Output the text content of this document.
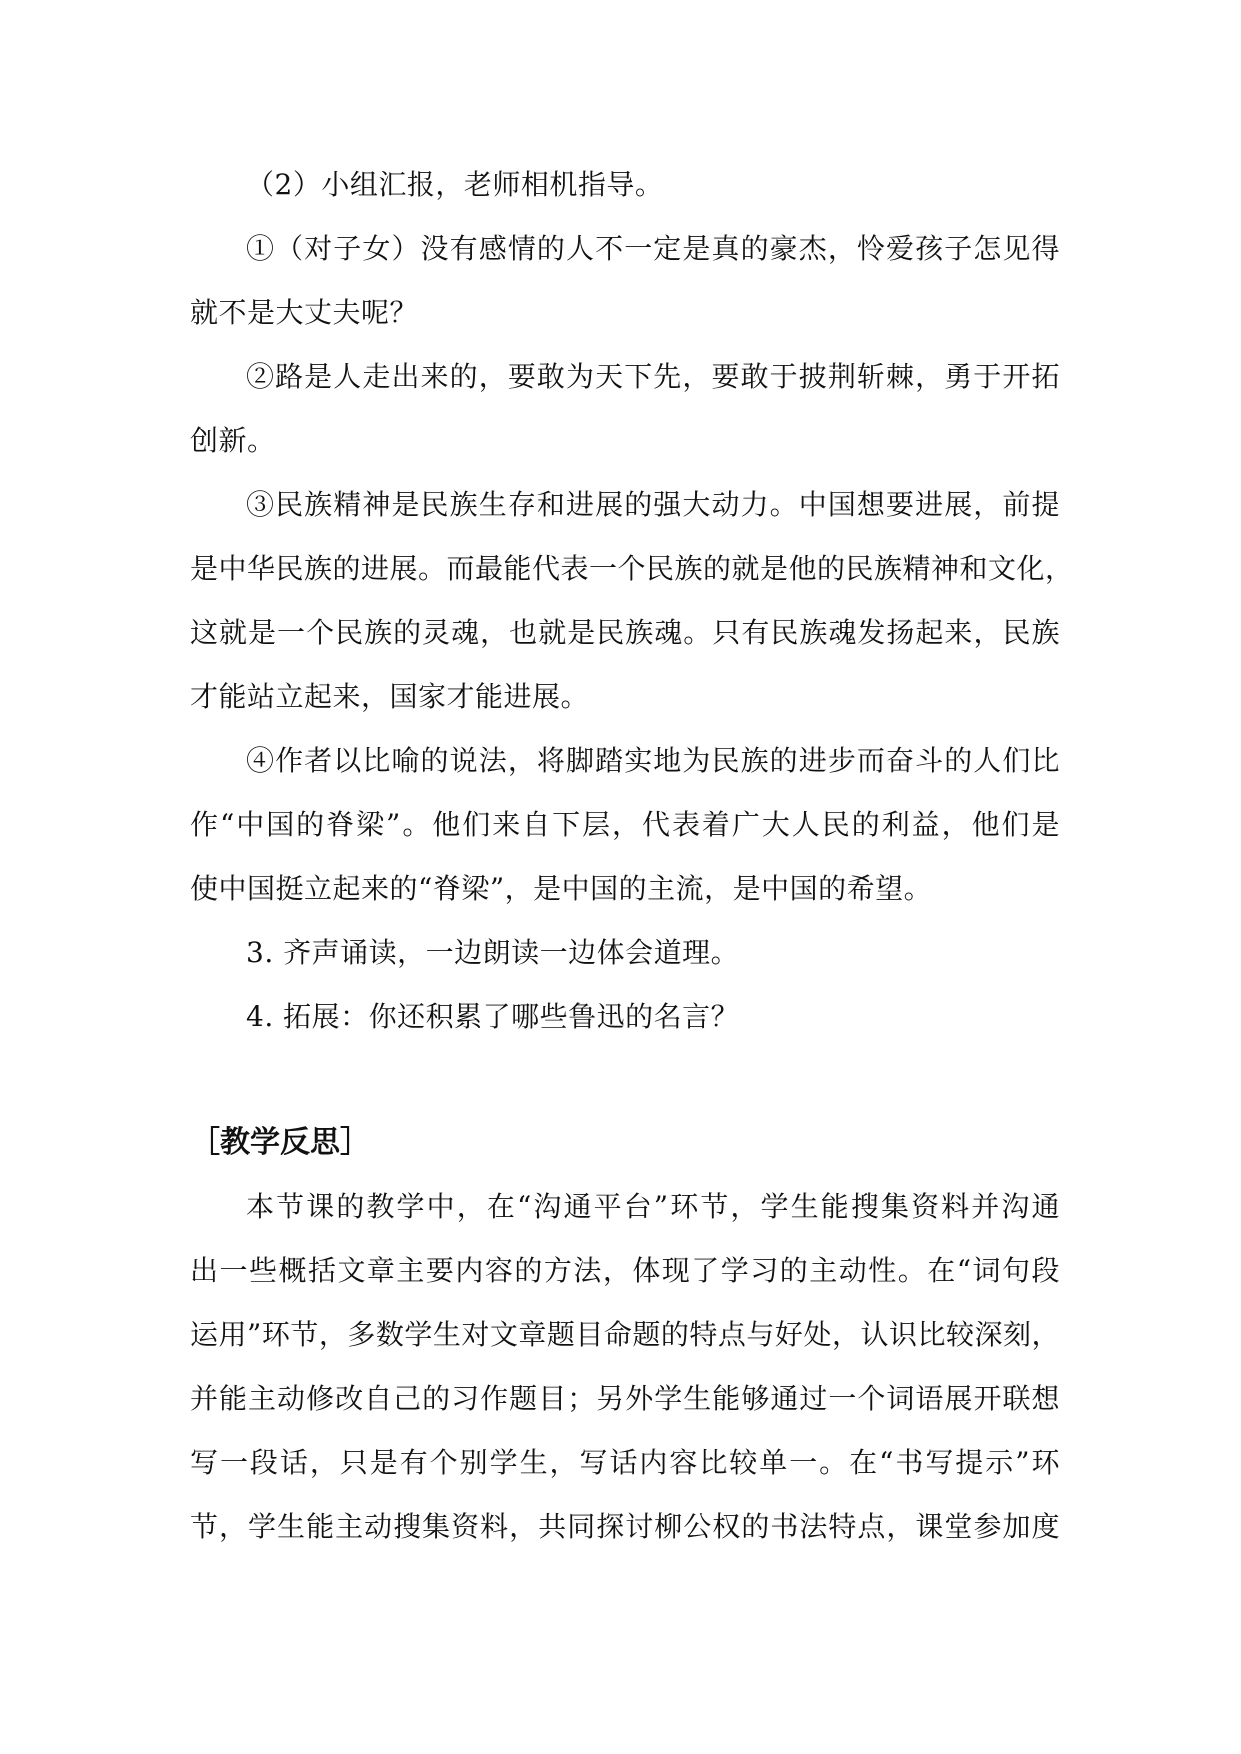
（2）小组汇报，老师相机指导。
①（对子女）没有感情的人不一定是真的豪杰，怜爱孩子怎见得
就不是大丈夫呢？
②路是人走出来的，要敢为天下先，要敢于披荆斩棘，勇于开拓
创新。
③民族精神是民族生存和进展的强大动力。中国想要进展，前提
是中华民族的进展。而最能代表一个民族的就是他的民族精神和文化，
这就是一个民族的灵魂，也就是民族魂。只有民族魂发扬起来，民族
才能站立起来，国家才能进展。
④作者以比喻的说法，将脚踏实地为民族的进步而奋斗的人们比
作“中国的脊梁”。他们来自下层，代表着广大人民的利益，他们是
使中国挺立起来的“脊梁”，是中国的主流，是中国的希望。
3. 齐声诵读，一边朗读一边体会道理。
4. 拓展：你还积累了哪些鲁迅的名言？
［教学反思］
本节课的教学中，在“沟通平台”环节，学生能搜集资料并沟通
出一些概括文章主要内容的方法，体现了学习的主动性。在“词句段
运用”环节，多数学生对文章题目命题的特点与好处，认识比较深刻，
并能主动修改自己的习作题目；另外学生能够通过一个词语展开联想
写一段话，只是有个别学生，写话内容比较单一。在“书写提示”环
节，学生能主动搜集资料，共同探讨柳公权的书法特点，课堂参加度
